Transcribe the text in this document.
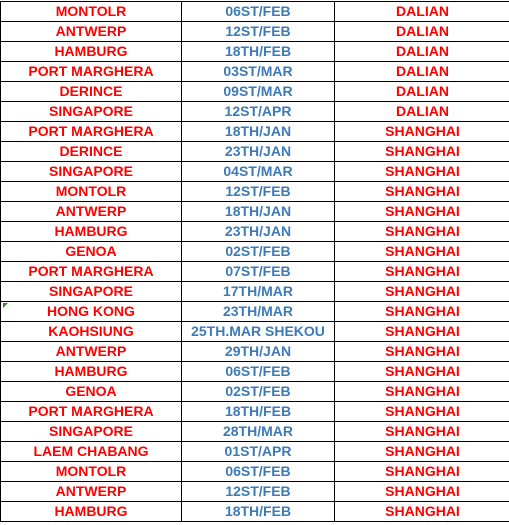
MONTOLR	06ST/FEB	DALIAN
ANTWERP	12ST/FEB	DALIAN
HAMBURG	18TH/FEB	DALIAN
PORT MARGHERA	03ST/MAR	DALIAN
DERINCE	09ST/MAR	DALIAN
SINGAPORE	12ST/APR	DALIAN
PORT MARGHERA	18TH/JAN	SHANGHAI
DERINCE	23TH/JAN	SHANGHAI
SINGAPORE	04ST/MAR	SHANGHAI
MONTOLR	12ST/FEB	SHANGHAI
ANTWERP	18TH/JAN	SHANGHAI
HAMBURG	23TH/JAN	SHANGHAI
GENOA	02ST/FEB	SHANGHAI
PORT MARGHERA	07ST/FEB	SHANGHAI
SINGAPORE	17TH/MAR	SHANGHAI
HONG KONG	23TH/MAR	SHANGHAI
KAOHSIUNG	25TH.MAR SHEKOU	SHANGHAI
ANTWERP	29TH/JAN	SHANGHAI
HAMBURG	06ST/FEB	SHANGHAI
GENOA	02ST/FEB	SHANGHAI
PORT MARGHERA	18TH/FEB	SHANGHAI
SINGAPORE	28TH/MAR	SHANGHAI
LAEM CHABANG	01ST/APR	SHANGHAI
MONTOLR	06ST/FEB	SHANGHAI
ANTWERP	12ST/FEB	SHANGHAI
HAMBURG	18TH/FEB	SHANGHAI
